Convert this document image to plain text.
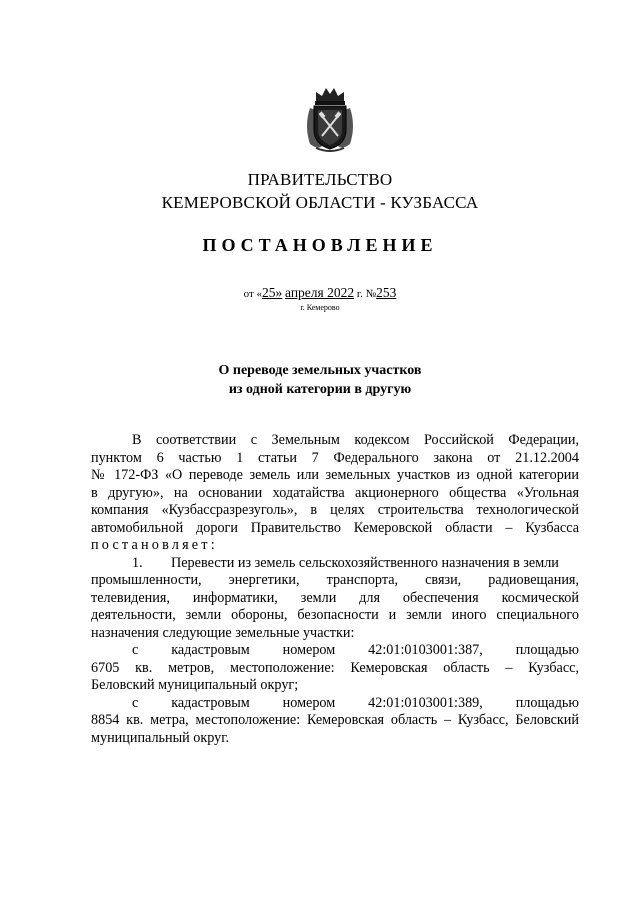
ПРАВИТЕЛЬСТВО
КЕМЕРОВСКОЙ ОБЛАСТИ - КУЗБАССА
ПОСТАНОВЛЕНИЕ
от «25» апреля 2022 г. №253
г. Кемерово
О переводе земельных участков
из одной категории в другую
В соответствии с Земельным кодексом Российской Федерации,
пунктом 6 частью 1 статьи 7 Федерального закона от 21.12.2004
№ 172-ФЗ «О переводе земель или земельных участков из одной категории
в другую», на основании ходатайства акционерного общества «Угольная
компания «Кузбассразрезуголь», в целях строительства технологической
автомобильной дороги Правительство Кемеровской области – Кузбасса
постановляет:
1.        Перевести из земель сельскохозяйственного назначения в земли
промышленности, энергетики, транспорта, связи, радиовещания,
телевидения, информатики, земли для обеспечения космической
деятельности, земли обороны, безопасности и земли иного специального
назначения следующие земельные участки:
с кадастровым номером 42:01:0103001:387, площадью
6705 кв. метров, местоположение: Кемеровская область – Кузбасс,
Беловский муниципальный округ;
с кадастровым номером 42:01:0103001:389, площадью
8854 кв. метра, местоположение: Кемеровская область – Кузбасс, Беловский
муниципальный округ.
